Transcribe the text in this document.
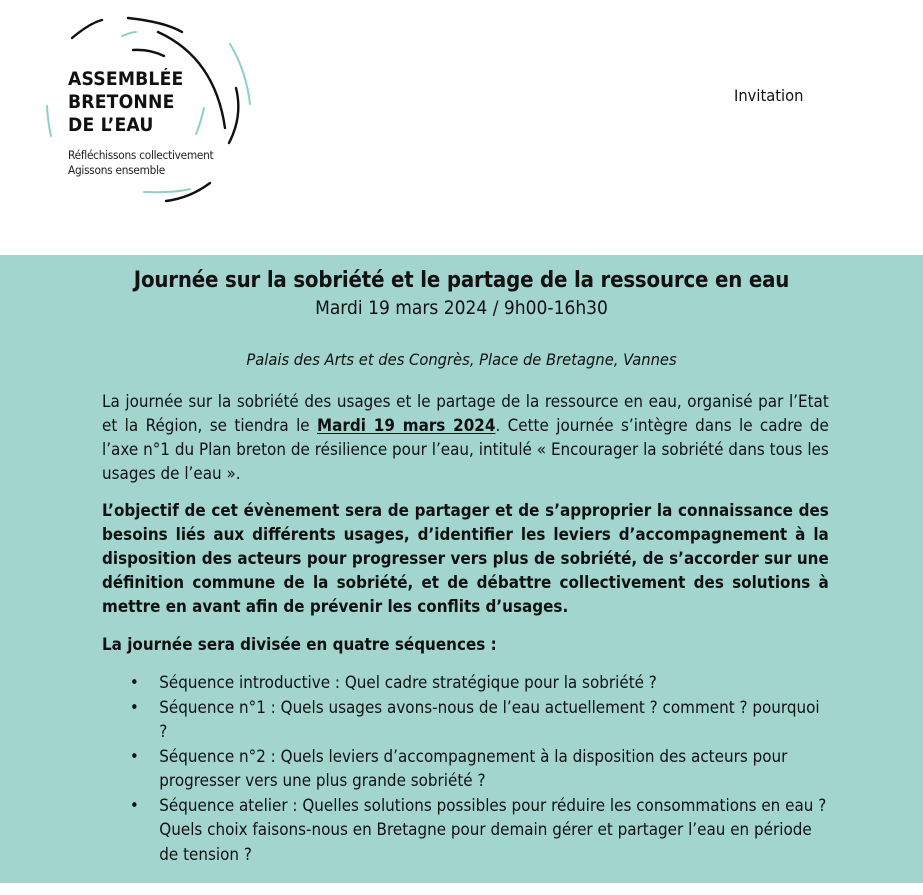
ASSEMBLÉE
BRETONNE
DE L’EAU
Réfléchissons collectivement
Agissons ensemble
Invitation
Journée sur la sobriété et le partage de la ressource en eau
Mardi 19 mars 2024 / 9h00-16h30
Palais des Arts et des Congrès, Place de Bretagne, Vannes

La journée sur la sobriété des usages et le partage de la ressource en eau, organisé par l’Etat et la Région, se tiendra le Mardi 19 mars 2024. Cette journée s’intègre dans le cadre de l’axe n°1 du Plan breton de résilience pour l’eau, intitulé « Encourager la sobriété dans tous les usages de l’eau ».

L’objectif de cet évènement sera de partager et de s’approprier la connaissance des besoins liés aux différents usages, d’identifier les leviers d’accompagnement à la disposition des acteurs pour progresser vers plus de sobriété, de s’accorder sur une définition commune de la sobriété, et de débattre collectivement des solutions à mettre en avant afin de prévenir les conflits d’usages.

La journée sera divisée en quatre séquences :

• Séquence introductive : Quel cadre stratégique pour la sobriété ?
• Séquence n°1 : Quels usages avons-nous de l’eau actuellement ? comment ? pourquoi ?
• Séquence n°2 : Quels leviers d’accompagnement à la disposition des acteurs pour progresser vers une plus grande sobriété ?
• Séquence atelier : Quelles solutions possibles pour réduire les consommations en eau ? Quels choix faisons-nous en Bretagne pour demain gérer et partager l’eau en période de tension ?
